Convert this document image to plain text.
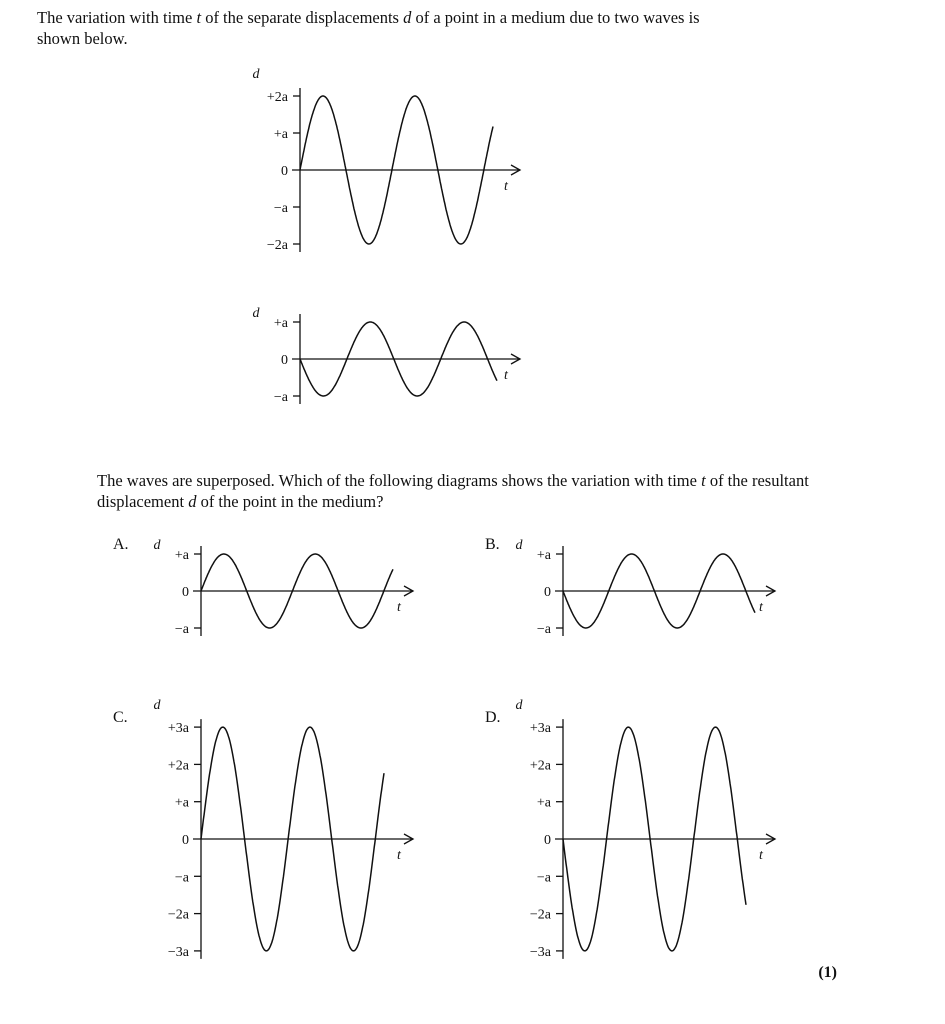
The variation with time t of the separate displacements d of a point in a medium due to two waves is shown below.

+2a
+a
0
−a
−2a
d
t
+a
0
−a
d
t
+a
0
−a
d
t
A.
+a
0
−a
d
t
B.
+3a
+2a
+a
0
−a
−2a
−3a
d
t
C.
+3a
+2a
+a
0
−a
−2a
−3a
d
t
D.

The waves are superposed. Which of the following diagrams shows the variation with time t of the resultant displacement d of the point in the medium?

(1)
